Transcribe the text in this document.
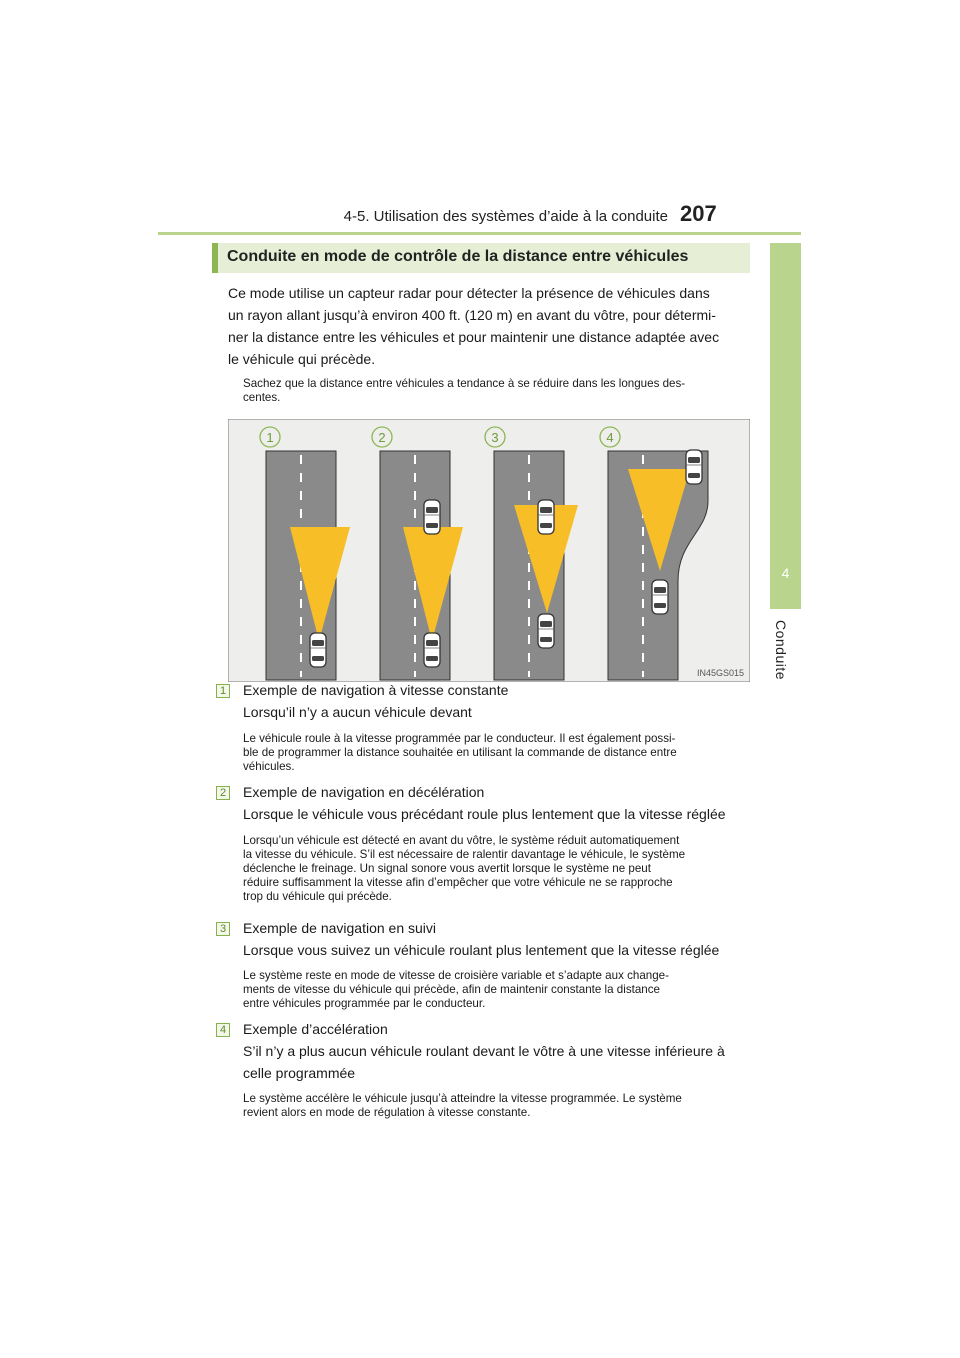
4-5. Utilisation des systèmes d’aide à la conduite 207
4
Conduite
Conduite en mode de contrôle de la distance entre véhicules

Ce mode utilise un capteur radar pour détecter la présence de véhicules dans

un rayon allant jusqu’à environ 400 ft. (120 m) en avant du vôtre, pour détermi-

ner la distance entre les véhicules et pour maintenir une distance adaptée avec

le véhicule qui précède.

Sachez que la distance entre véhicules a tendance à se réduire dans les longues des-

centes.

1	2	3	4
IN45GS015
1 Exemple de navigation à vitesse constante

Lorsqu’il n’y a aucun véhicule devant

Le véhicule roule à la vitesse programmée par le conducteur. Il est également possi-

ble de programmer la distance souhaitée en utilisant la commande de distance entre

véhicules.

2 Exemple de navigation en décélération

Lorsque le véhicule vous précédant roule plus lentement que la vitesse réglée

Lorsqu’un véhicule est détecté en avant du vôtre, le système réduit automatiquement

la vitesse du véhicule. S’il est nécessaire de ralentir davantage le véhicule, le système

déclenche le freinage. Un signal sonore vous avertit lorsque le système ne peut

réduire suffisamment la vitesse afin d’empêcher que votre véhicule ne se rapproche

trop du véhicule qui précède.

3 Exemple de navigation en suivi

Lorsque vous suivez un véhicule roulant plus lentement que la vitesse réglée

Le système reste en mode de vitesse de croisière variable et s’adapte aux change-

ments de vitesse du véhicule qui précède, afin de maintenir constante la distance

entre véhicules programmée par le conducteur.

4 Exemple d’accélération

S’il n’y a plus aucun véhicule roulant devant le vôtre à une vitesse inférieure à

celle programmée

Le système accélère le véhicule jusqu’à atteindre la vitesse programmée. Le système

revient alors en mode de régulation à vitesse constante.
